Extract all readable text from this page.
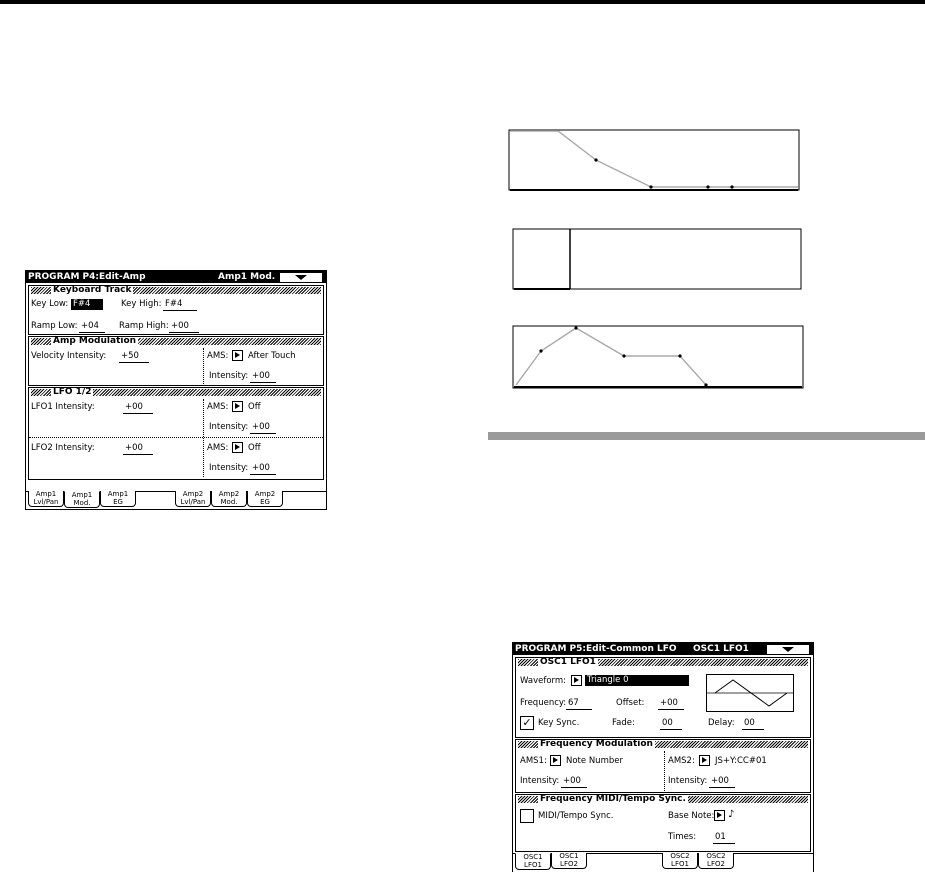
PROGRAM P4:Edit-Amp	Amp1 Mod.
Keyboard Track
Key Low: F#4	Key High: F#4
Ramp Low: +04	Ramp High: +00
Amp Modulation
Velocity Intensity: +50	AMS: After Touch
Intensity: +00
LFO 1/2
LFO1 Intensity:	+00	AMS: Off
Intensity: +00
LFO2 Intensity:	+00	AMS: Off
Intensity: +00
Amp1
Lvl/Pan
Amp1
Mod.
Amp1
EG
Amp2
Lvl/Pan
Amp2
Mod.
Amp2
EG
PROGRAM P5:Edit-Common LFO OSC1 LFO1
OSC1 LFO1
Waveform: Triangle 0
Frequency: 67	Offset: +00
✓ Key Sync.	Fade:	00	Delay: 00
Frequency Modulation
AMS1: Note Number	AMS2: JS+Y:CC#01
Intensity: +00	Intensity: +00
Frequency MIDI/Tempo Sync.
MIDI/Tempo Sync.	Base Note: ♪
Times: 01
OSC1
LFO1
OSC1
LFO2
OSC2
LFO1
OSC2
LFO2
